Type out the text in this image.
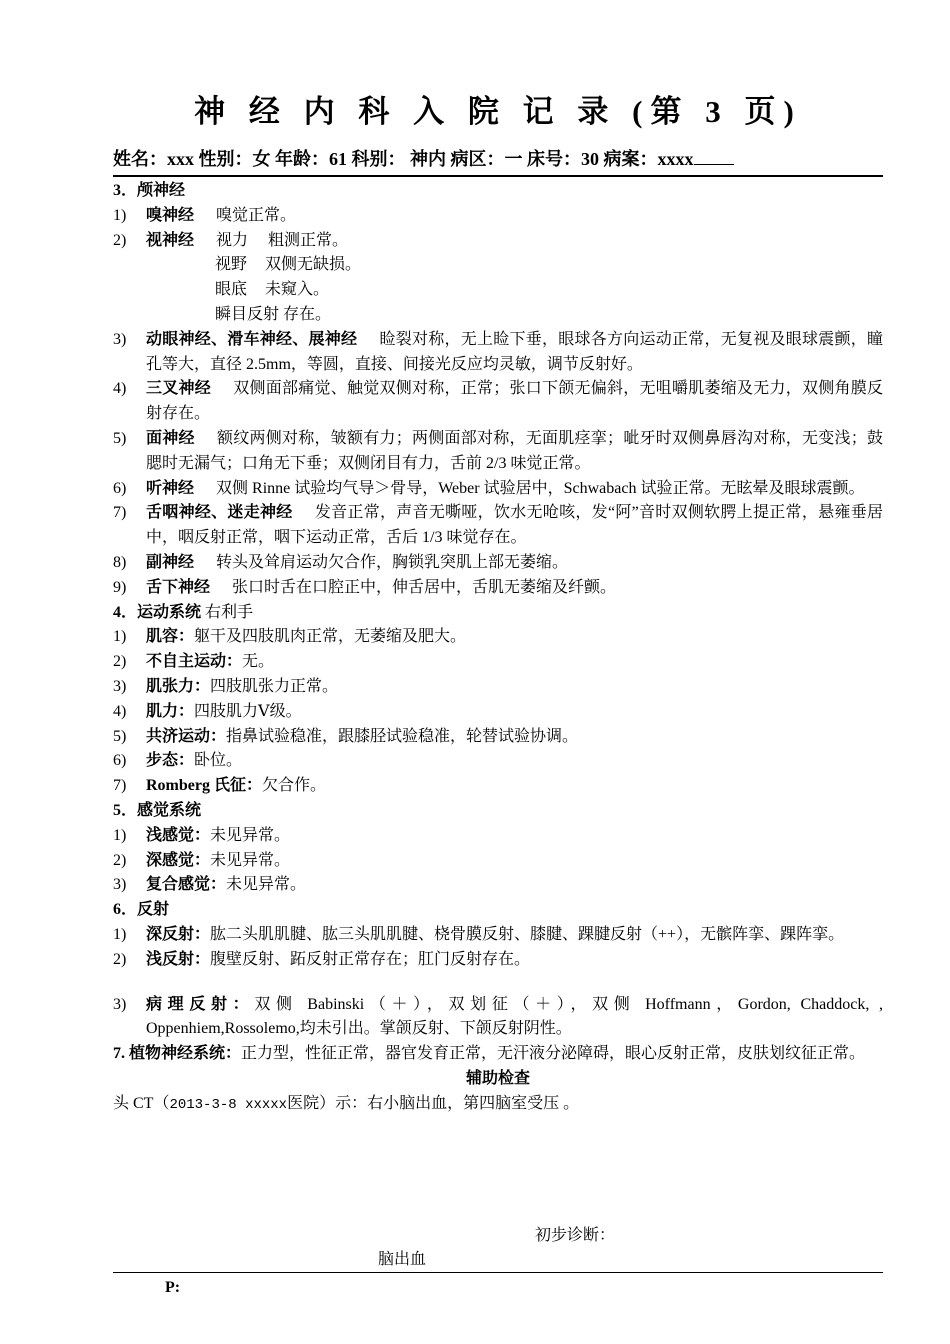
神 经 内 科 入 院 记 录 (第 3 页)
姓名：xxx 性别：女 年龄：61 科别： 神内 病区：一 床号：30 病案：xxxx
3．颅神经
1)	嗅神经 嗅觉正常。
2)	视神经 视力     粗测正常。
视野 双侧无缺损。
眼底 未窥入。
瞬目反射 存在。
3)	动眼神经、滑车神经、展神经 睑裂对称，无上睑下垂，眼球各方向运动正常，无复视及眼球震颤，瞳孔等大，直径 2.5mm，等圆，直接、间接光反应均灵敏，调节反射好。
4)	三叉神经 双侧面部痛觉、触觉双侧对称，正常；张口下颌无偏斜，无咀嚼肌萎缩及无力，双侧角膜反射存在。
5)	面神经 额纹两侧对称，皱额有力；两侧面部对称，无面肌痉挛；呲牙时双侧鼻唇沟对称，无变浅；鼓腮时无漏气；口角无下垂；双侧闭目有力，舌前 2/3 味觉正常。
6)	听神经 双侧 Rinne 试验均气导＞骨导，Weber 试验居中，Schwabach 试验正常。无眩晕及眼球震颤。
7)	舌咽神经、迷走神经 发音正常，声音无嘶哑，饮水无呛咳，发“阿”音时双侧软腭上提正常，悬雍垂居中，咽反射正常，咽下运动正常，舌后 1/3 味觉存在。
8)	副神经 转头及耸肩运动欠合作，胸锁乳突肌上部无萎缩。
9)	舌下神经 张口时舌在口腔正中，伸舌居中，舌肌无萎缩及纤颤。
4．运动系统 右利手
1)	肌容：躯干及四肢肌肉正常，无萎缩及肥大。
2)	不自主运动：无。
3)	肌张力：四肢肌张力正常。
4)	肌力：四肢肌力Ⅴ级。
5)	共济运动：指鼻试验稳准，跟膝胫试验稳准，轮替试验协调。
6)	步态：卧位。
7)	Romberg 氏征：欠合作。
5．感觉系统
1)	浅感觉：未见异常。
2)	深感觉：未见异常。
3)	复合感觉：未见异常。
6．反射
1)	深反射：肱二头肌肌腱、肱三头肌肌腱、桡骨膜反射、膝腱、踝腱反射（++），无髌阵挛、踝阵挛。
2)	浅反射：腹壁反射、跖反射正常存在；肛门反射存在。
3)	病理反射：双侧 Babinski（＋），双划征（＋），双侧 Hoffmann，Gordon, Chaddock, , Oppenhiem,Rossolemo,均未引出。掌颌反射、下颌反射阴性。
7. 植物神经系统：正力型，性征正常，器官发育正常，无汗液分泌障碍，眼心反射正常，皮肤划纹征正常。
辅助检查
头 CT（2013-3-8 xxxxx医院）示：右小脑出血，第四脑室受压 。
初步诊断：
脑出血
P:
